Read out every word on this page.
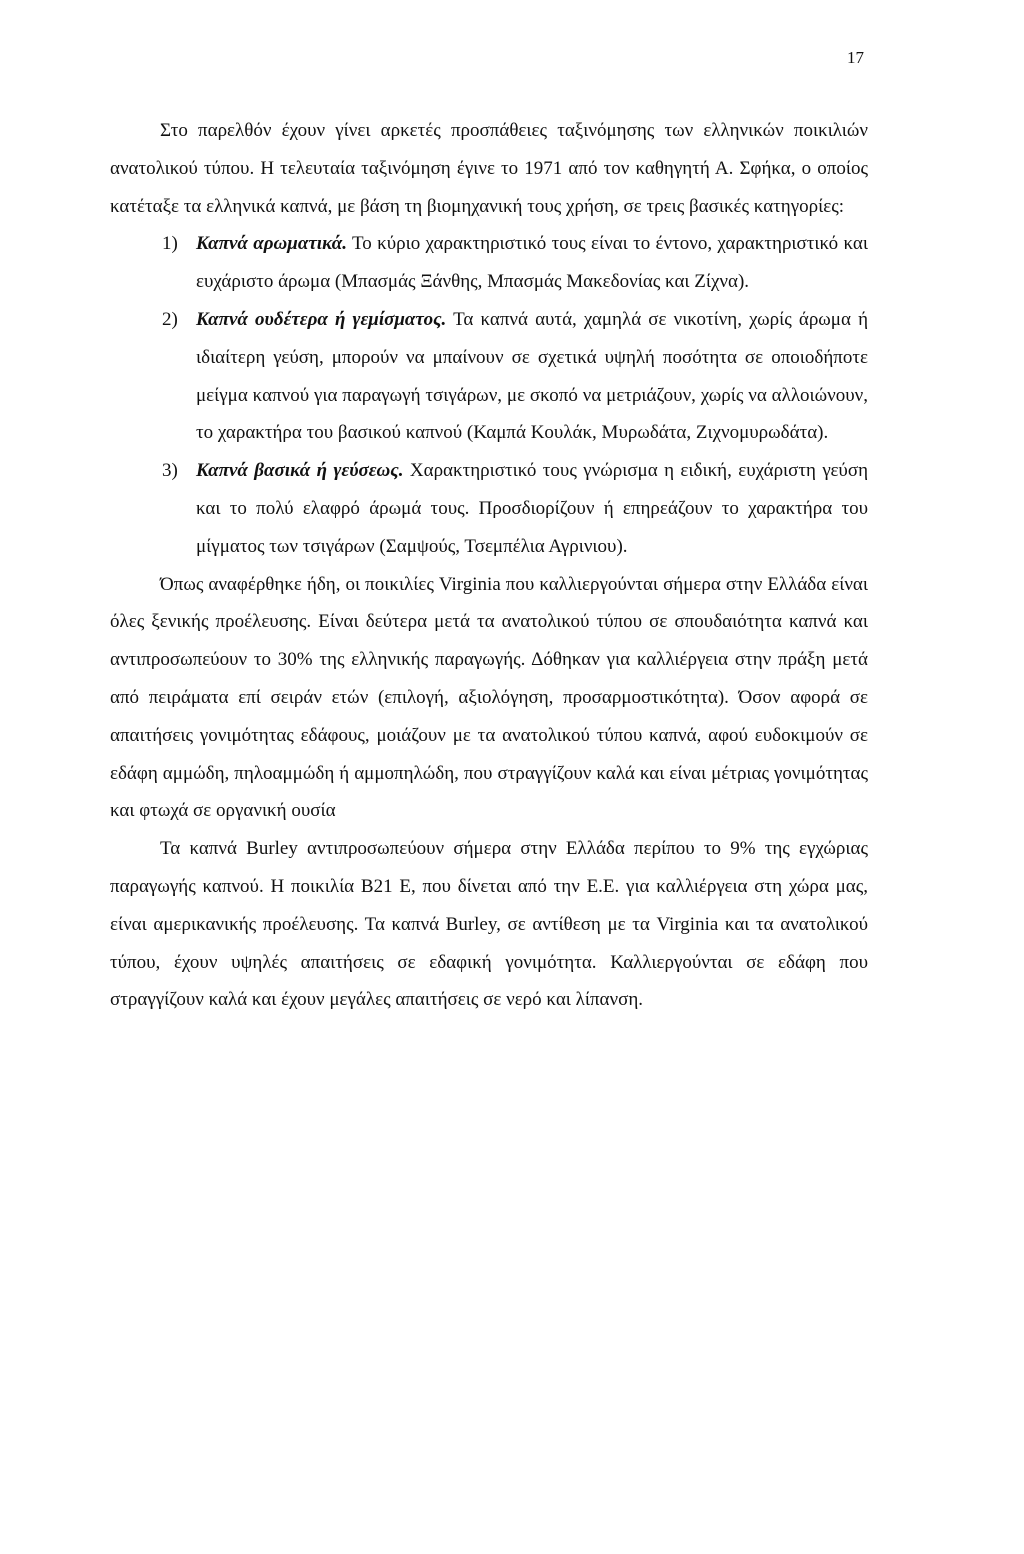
17

Στο παρελθόν έχουν γίνει αρκετές προσπάθειες ταξινόμησης των ελληνικών ποικιλιών ανατολικού τύπου. Η τελευταία ταξινόμηση έγινε το 1971 από τον καθηγητή Α. Σφήκα, ο οποίος κατέταξε τα ελληνικά καπνά, με βάση τη βιομηχανική τους χρήση, σε τρεις βασικές κατηγορίες:

1) Καπνά αρωματικά. Το κύριο χαρακτηριστικό τους είναι το έντονο, χαρακτηριστικό και ευχάριστο άρωμα (Μπασμάς Ξάνθης, Μπασμάς Μακεδονίας και Ζίχνα).

2) Καπνά ουδέτερα ή γεμίσματος. Τα καπνά αυτά, χαμηλά σε νικοτίνη, χωρίς άρωμα ή ιδιαίτερη γεύση, μπορούν να μπαίνουν σε σχετικά υψηλή ποσότητα σε οποιοδήποτε μείγμα καπνού για παραγωγή τσιγάρων, με σκοπό να μετριάζουν, χωρίς να αλλοιώνουν, το χαρακτήρα του βασικού καπνού (Καμπά Κουλάκ, Μυρωδάτα, Ζιχνομυρωδάτα).

3) Καπνά βασικά ή γεύσεως. Χαρακτηριστικό τους γνώρισμα η ειδική, ευχάριστη γεύση και το πολύ ελαφρό άρωμά τους. Προσδιορίζουν ή επηρεάζουν το χαρακτήρα του μίγματος των τσιγάρων (Σαμψούς, Τσεμπέλια Αγρινιου).

Όπως αναφέρθηκε ήδη, οι ποικιλίες Virginia που καλλιεργούνται σήμερα στην Ελλάδα είναι όλες ξενικής προέλευσης. Είναι δεύτερα μετά τα ανατολικού τύπου σε σπουδαιότητα καπνά και αντιπροσωπεύουν το 30% της ελληνικής παραγωγής. Δόθηκαν για καλλιέργεια στην πράξη μετά από πειράματα επί σειράν ετών (επιλογή, αξιολόγηση, προσαρμοστικότητα). Όσον αφορά σε απαιτήσεις γονιμότητας εδάφους, μοιάζουν με τα ανατολικού τύπου καπνά, αφού ευδοκιμούν σε εδάφη αμμώδη, πηλοαμμώδη ή αμμοπηλώδη, που στραγγίζουν καλά και είναι μέτριας γονιμότητας και φτωχά σε οργανική ουσία

Τα καπνά Burley αντιπροσωπεύουν σήμερα στην Ελλάδα περίπου το 9% της εγχώριας παραγωγής καπνού. Η ποικιλία B21 E, που δίνεται από την Ε.Ε. για καλλιέργεια στη χώρα μας, είναι αμερικανικής προέλευσης. Τα καπνά Burley, σε αντίθεση με τα Virginia και τα ανατολικού τύπου, έχουν υψηλές απαιτήσεις σε εδαφική γονιμότητα. Καλλιεργούνται σε εδάφη που στραγγίζουν καλά και έχουν μεγάλες απαιτήσεις σε νερό και λίπανση.
